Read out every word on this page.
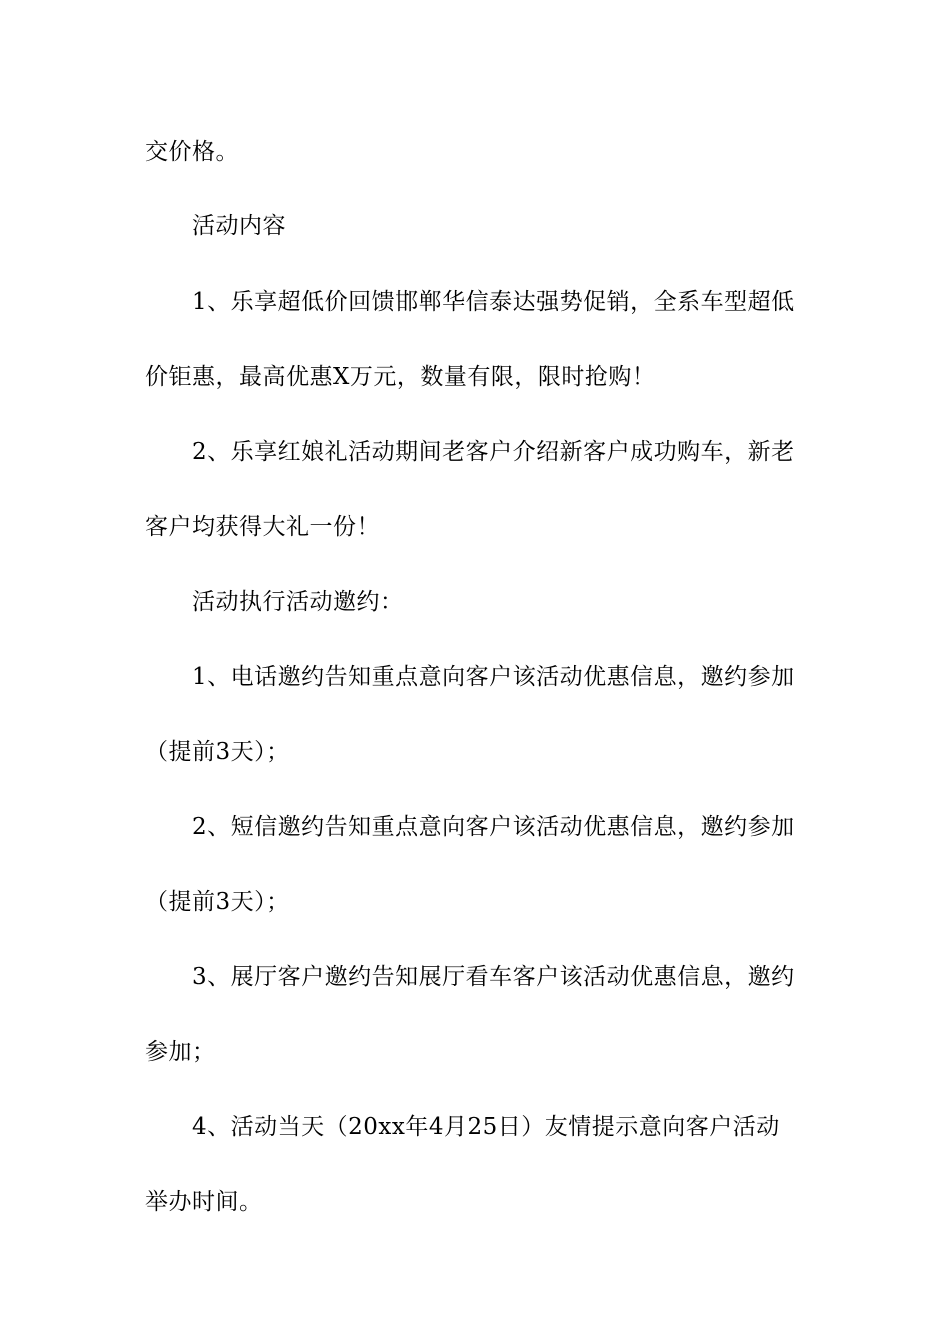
交价格。
活动内容
1、乐享超低价回馈邯郸华信泰达强势促销，全系车型超低
价钜惠，最高优惠X万元，数量有限，限时抢购！
2、乐享红娘礼活动期间老客户介绍新客户成功购车，新老
客户均获得大礼一份！
活动执行活动邀约：
1、电话邀约告知重点意向客户该活动优惠信息，邀约参加
（提前3天）；
2、短信邀约告知重点意向客户该活动优惠信息，邀约参加
（提前3天）；
3、展厅客户邀约告知展厅看车客户该活动优惠信息，邀约
参加；
4、活动当天（20xx年4月25日）友情提示意向客户活动
举办时间。
